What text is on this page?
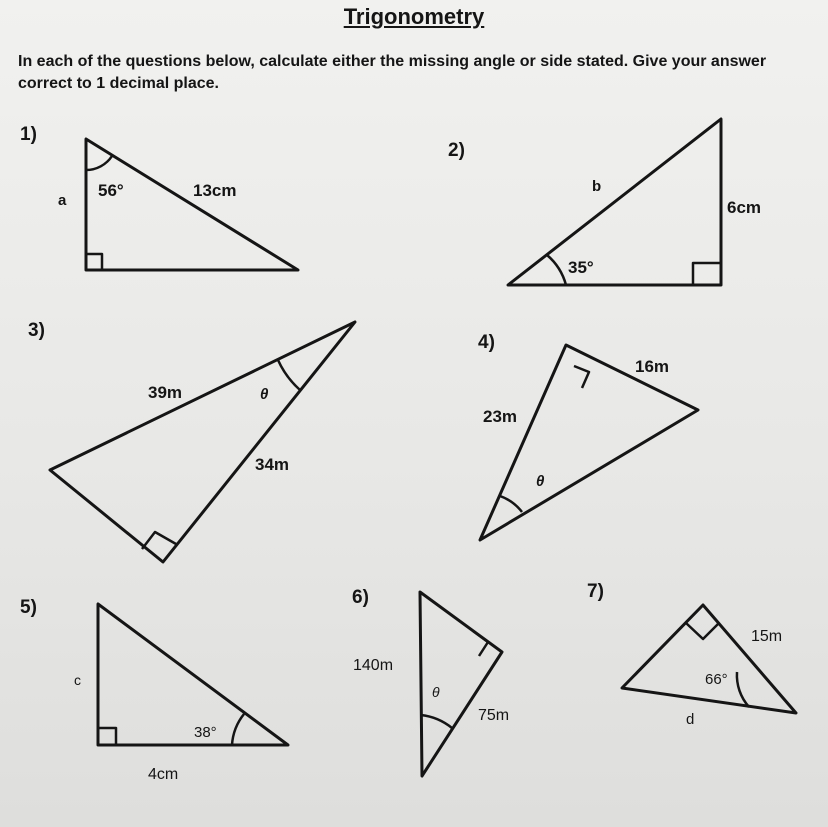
Trigonometry
In each of the questions below, calculate either the missing angle or side stated. Give your answer correct to 1 decimal place.
1)
2)
3)
4)
5)	6)	7)
a
56°	13cm	b
6cm
35°
39m	θ
34m
16m
23m
θ
c
38°
4cm
140m
θ
75m
15m
66°
d
